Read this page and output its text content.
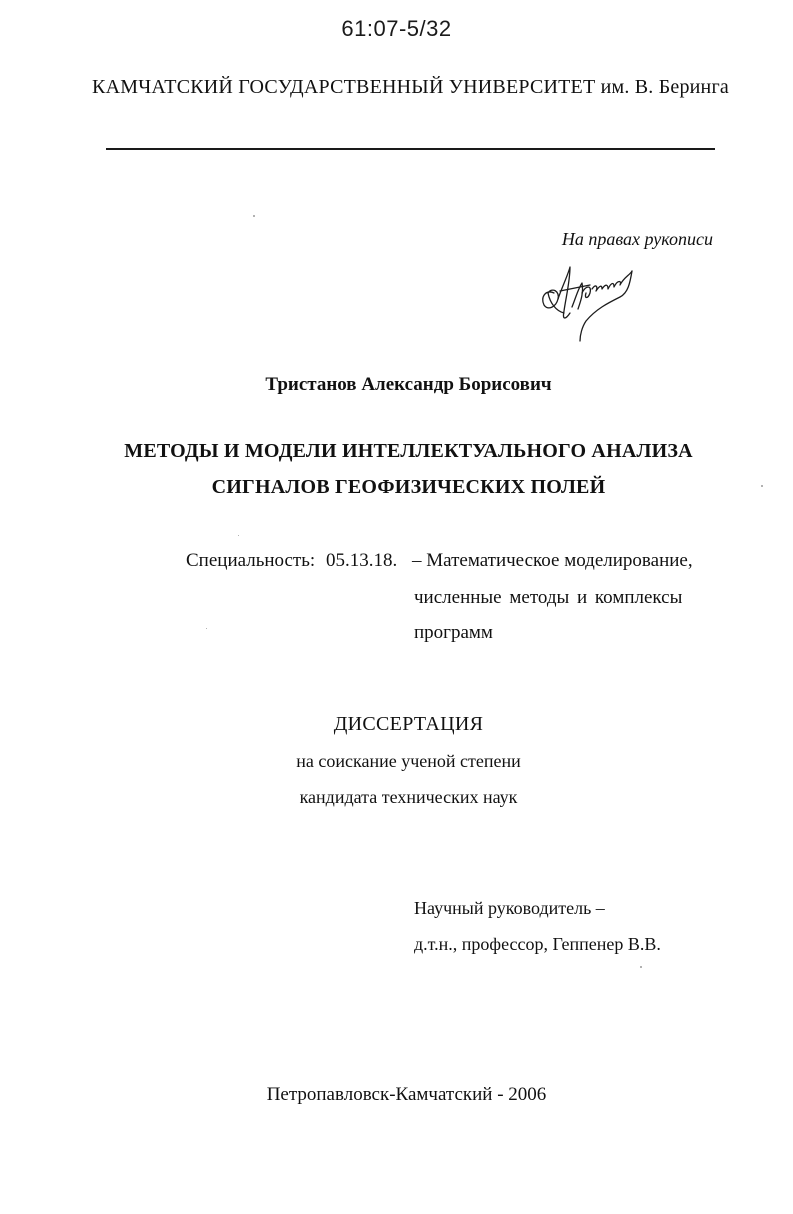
61:07-5/32
КАМЧАТСКИЙ ГОСУДАРСТВЕННЫЙ УНИВЕРСИТЕТ им. В. Беринга
На правах рукописи
Тристанов Александр Борисович
МЕТОДЫ И МОДЕЛИ ИНТЕЛЛЕКТУАЛЬНОГО АНАЛИЗА
СИГНАЛОВ ГЕОФИЗИЧЕСКИХ ПОЛЕЙ
Специальность: 05.13.18. – Математическое моделирование,
численные методы и комплексы
программ
ДИССЕРТАЦИЯ
на соискание ученой степени
кандидата технических наук
Научный руководитель –
д.т.н., профессор, Геппенер В.В.
Петропавловск-Камчатский - 2006
